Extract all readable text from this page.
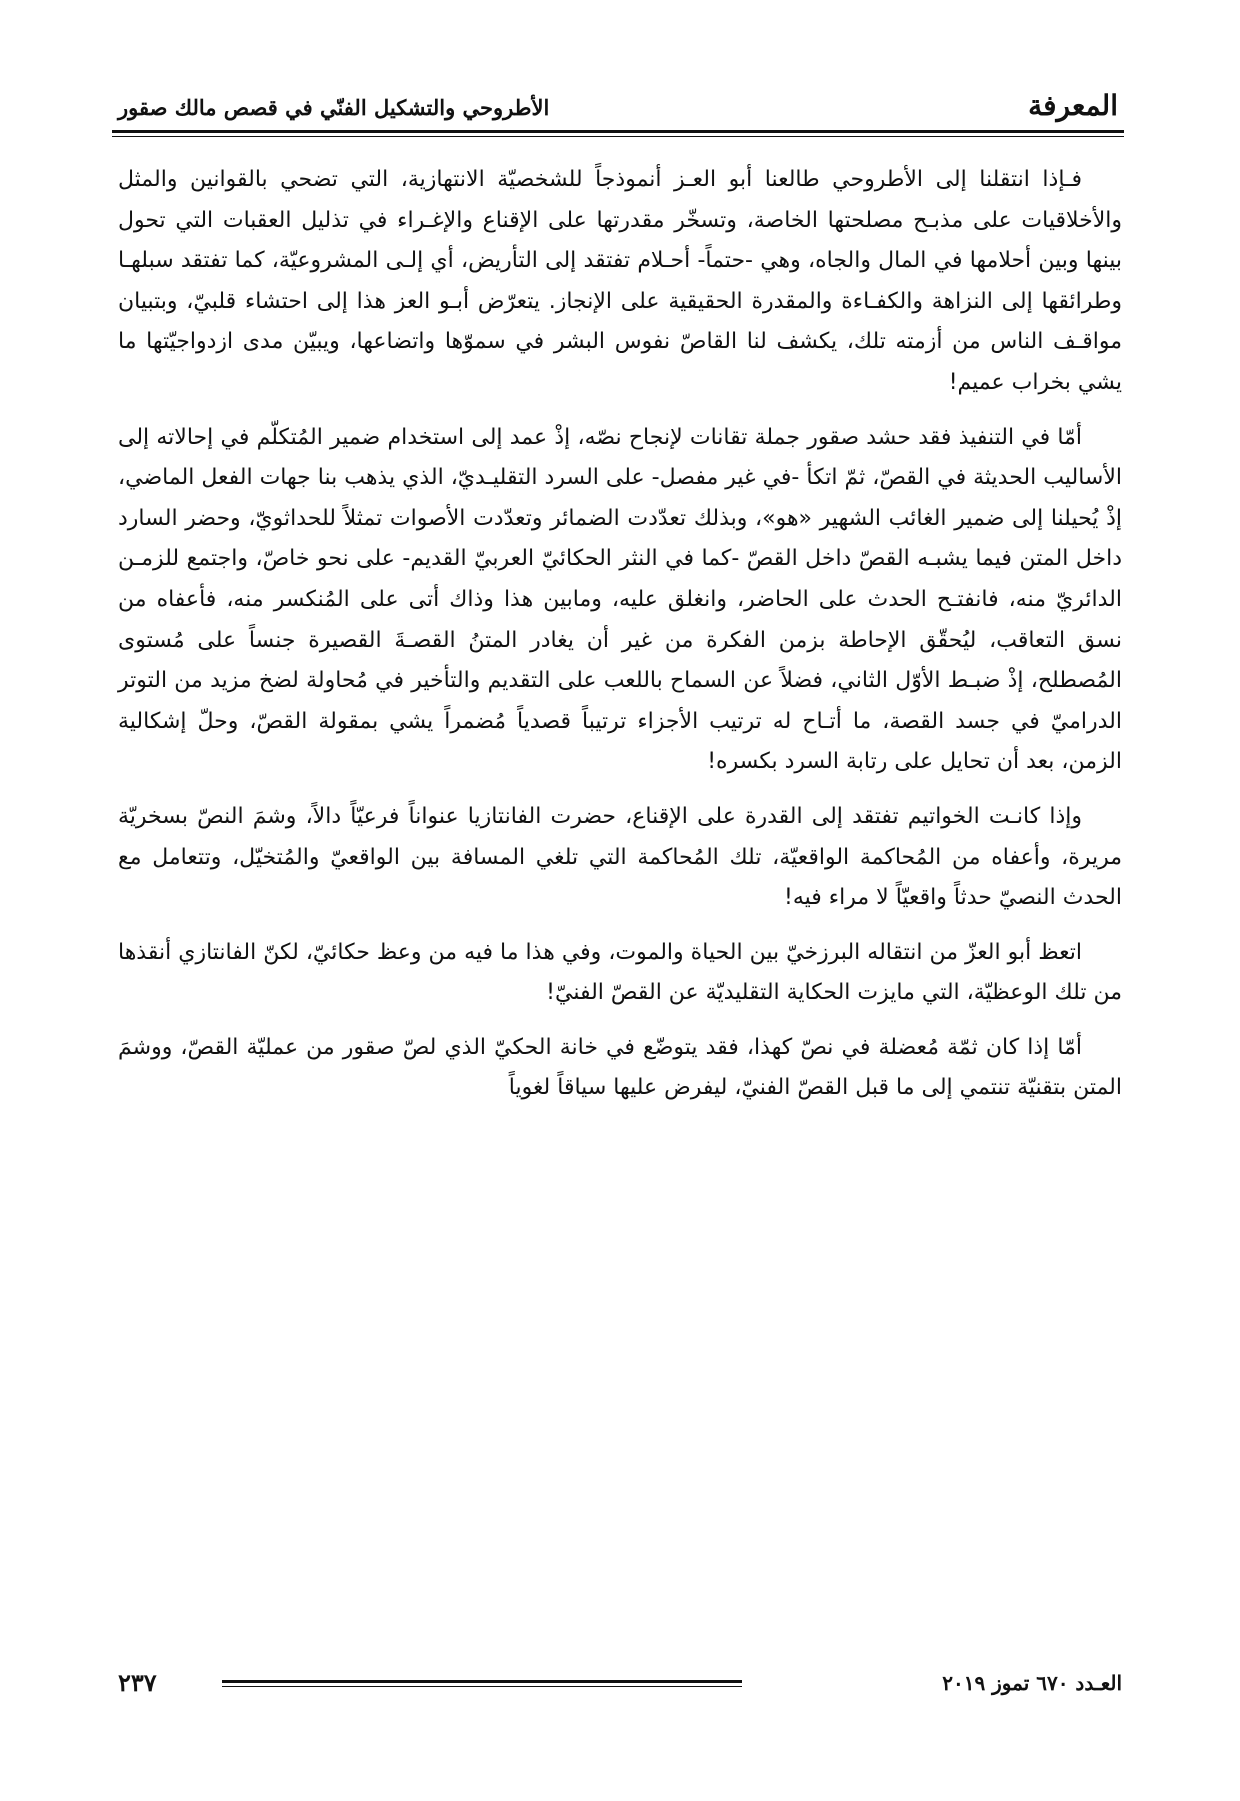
المعرفة
الأطروحي والتشكيل الفنّي في قصص مالك صقور

فـإذا انتقلنا إلى الأطروحي طالعنا أبو العـز أنموذجاً للشخصيّة الانتهازية، التي تضحي بالقوانين والمثل والأخلاقيات على مذبـح مصلحتها الخاصة، وتسخّر مقدرتها على الإقناع والإغـراء في تذليل العقبات التي تحول بينها وبين أحلامها في المال والجاه، وهي -حتماً- أحـلام تفتقد إلى التأريض، أي إلـى المشروعيّة، كما تفتقد سبلهـا وطرائقها إلى النزاهة والكفـاءة والمقدرة الحقيقية على الإنجاز. يتعرّض أبـو العز هذا إلى احتشاء قلبيّ، وبتبيان مواقـف الناس من أزمته تلك، يكشف لنا القاصّ نفوس البشر في سموّها واتضاعها، ويبيّن مدى ازدواجيّتها ما يشي بخراب عميم!

أمّا في التنفيذ فقد حشد صقور جملة تقانات لإنجاح نصّه، إذْ عمد إلى استخدام ضمير المُتكلّم في إحالاته إلى الأساليب الحديثة في القصّ، ثمّ اتكأ -في غير مفصل- على السرد التقليـديّ، الذي يذهب بنا جهات الفعل الماضي، إذْ يُحيلنا إلى ضمير الغائب الشهير «هو»، وبذلك تعدّدت الضمائر وتعدّدت الأصوات تمثلاً للحداثويّ، وحضر السارد داخل المتن فيما يشبـه القصّ داخل القصّ -كما في النثر الحكائيّ العربيّ القديم- على نحو خاصّ، واجتمع للزمـن الدائريّ منه، فانفتـح الحدث على الحاضر، وانغلق عليه، ومابين هذا وذاك أتى على المُنكسر منه، فأعفاه من نسق التعاقب، ليُحقّق الإحاطة بزمن الفكرة من غير أن يغادر المتنُ القصـةَ القصيرة جنساً على مُستوى المُصطلح، إذْ ضبـط الأوّل الثاني، فضلاً عن السماح باللعب على التقديم والتأخير في مُحاولة لضخ مزيد من التوتر الدراميّ في جسد القصة، ما أتـاح له ترتيب الأجزاء ترتيباً قصدياً مُضمراً يشي بمقولة القصّ، وحلّ إشكالية الزمن، بعد أن تحايل على رتابة السرد بكسره!

وإذا كانـت الخواتيم تفتقد إلى القدرة على الإقناع، حضرت الفانتازيا عنواناً فرعيّاً دالاً، وشمَ النصّ بسخريّة مريرة، وأعفاه من المُحاكمة الواقعيّة، تلك المُحاكمة التي تلغي المسافة بين الواقعيّ والمُتخيّل، وتتعامل مع الحدث النصيّ حدثاً واقعيّاً لا مراء فيه!

اتعظ أبو العزّ من انتقاله البرزخيّ بين الحياة والموت، وفي هذا ما فيه من وعظ حكائيّ، لكنّ الفانتازي أنقذها من تلك الوعظيّة، التي مايزت الحكاية التقليديّة عن القصّ الفنيّ!

أمّا إذا كان ثمّة مُعضلة في نصّ كهذا، فقد يتوضّع في خانة الحكيّ الذي لصّ صقور من عمليّة القصّ، ووشمَ المتن بتقنيّة تنتمي إلى ما قبل القصّ الفنيّ، ليفرض عليها سياقاً لغوياً

العـدد ٦٧٠ تموز ٢٠١٩
٢٣٧
